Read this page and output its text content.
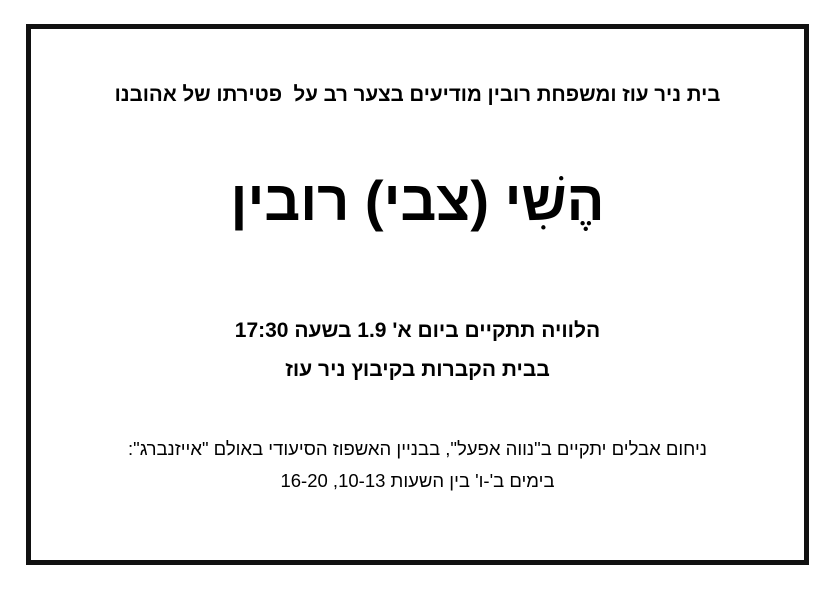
בית ניר עוז ומשפחת רובין מודיעים בצער רב על  פטירתו של אהובנו
הֶשִׁי (צבי) רובין
הלוויה תתקיים ביום א' 1.9 בשעה 17:30
בבית הקברות בקיבוץ ניר עוז
ניחום אבלים יתקיים ב"נווה אפעל", בבניין האשפוז הסיעודי באולם "אייזנברג":
בימים ב'-ו' בין השעות 10-13, 16-20
